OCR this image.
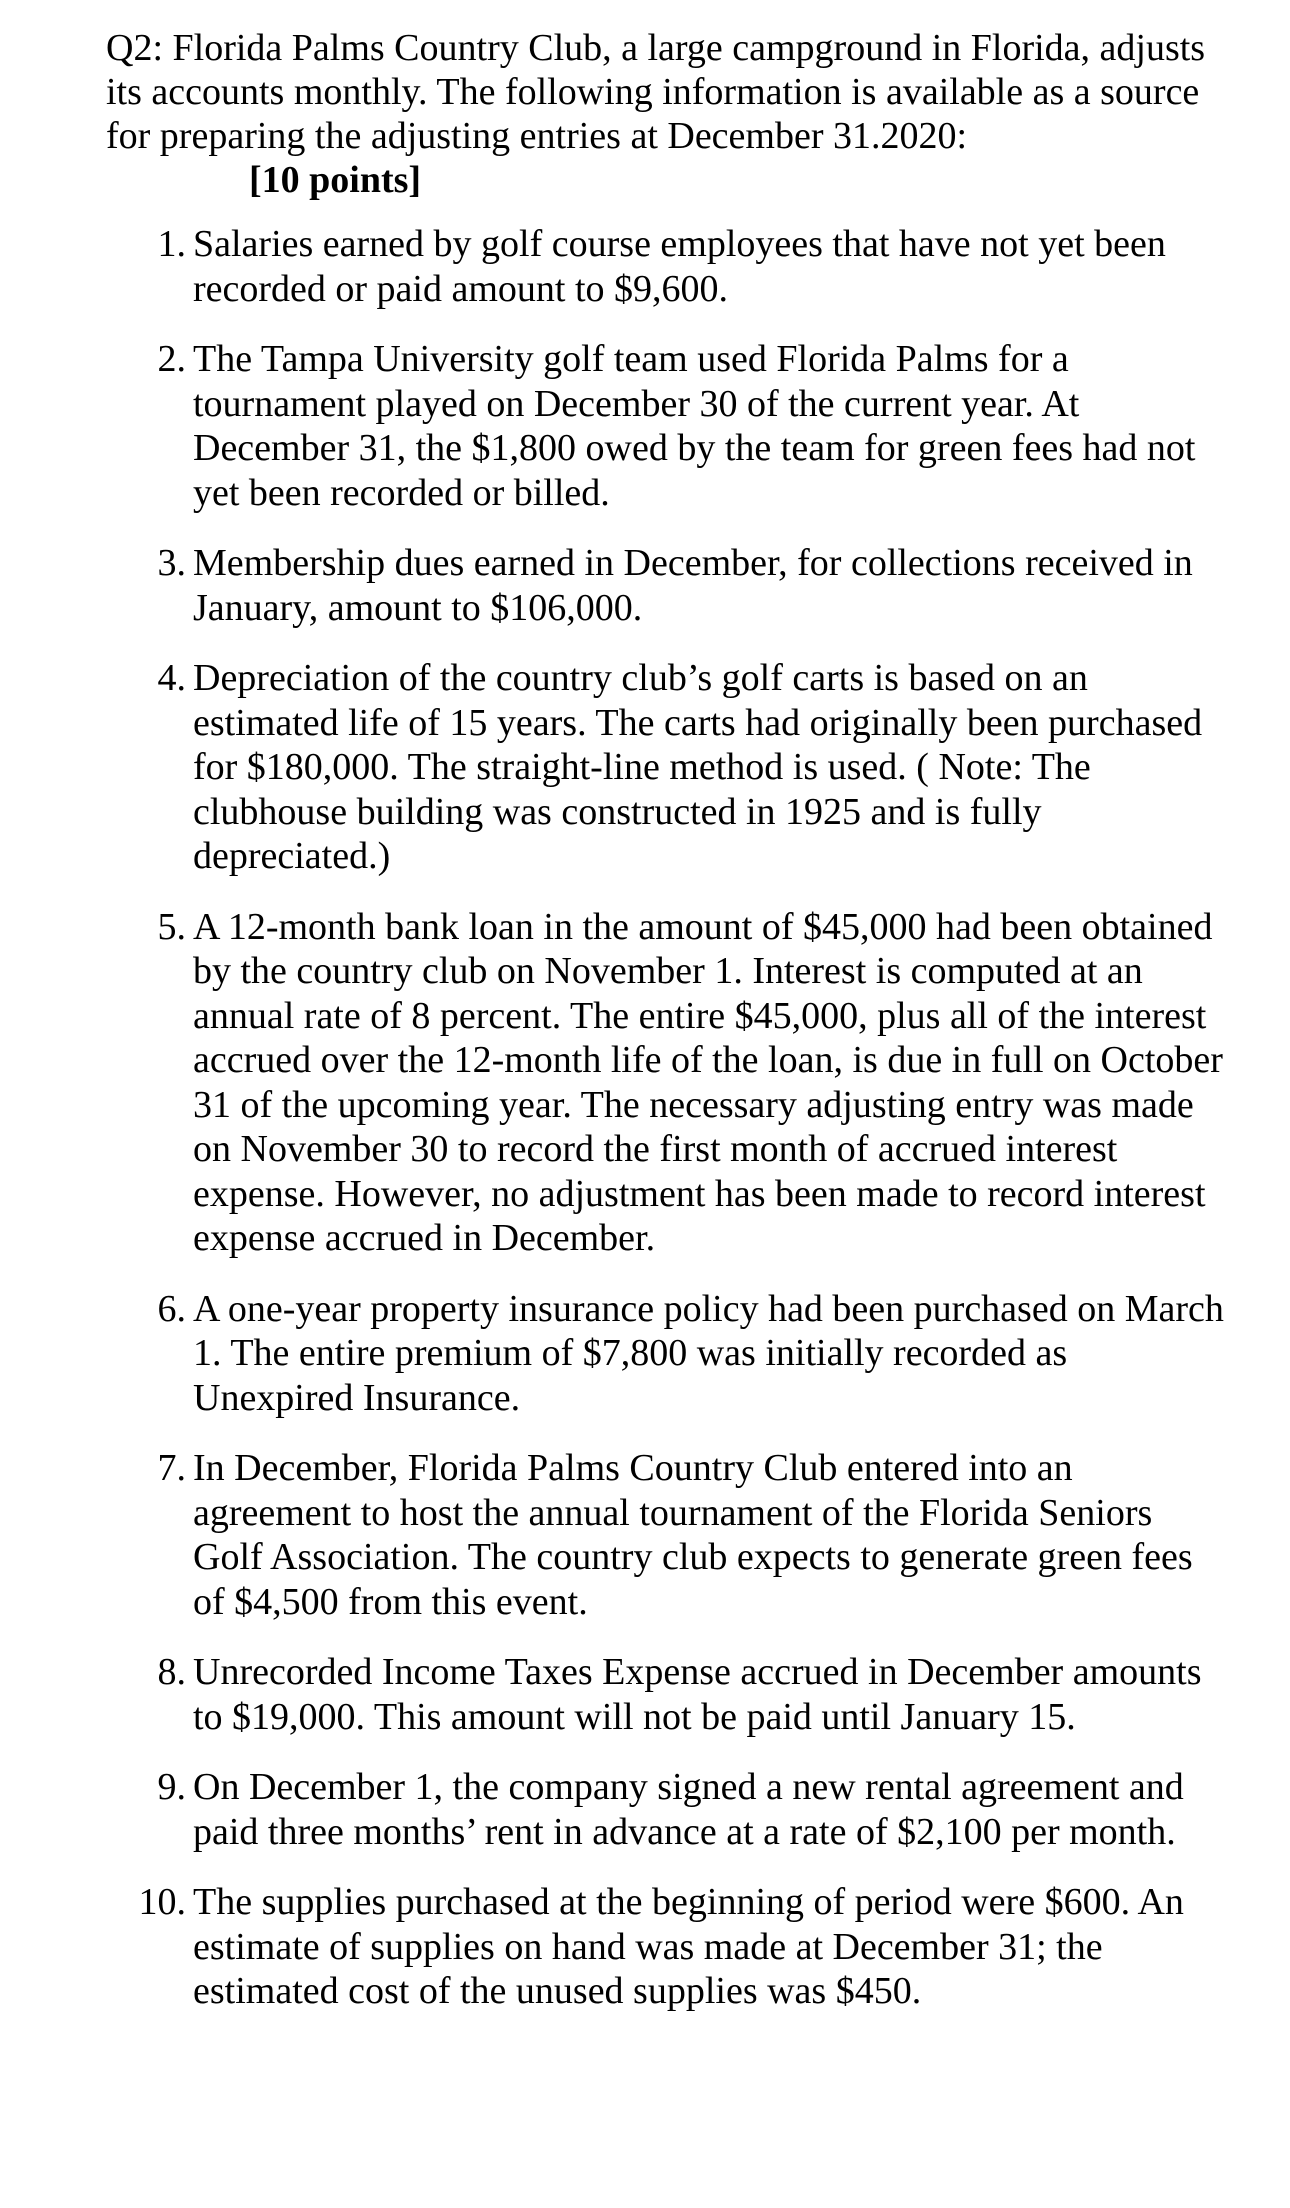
Q2: Florida Palms Country Club, a large campground in Florida, adjusts its accounts monthly. The following information is available as a source for preparing the adjusting entries at December 31.2020:

[10 points]

1. Salaries earned by golf course employees that have not yet been recorded or paid amount to $9,600.
2. The Tampa University golf team used Florida Palms for a tournament played on December 30 of the current year. At December 31, the $1,800 owed by the team for green fees had not yet been recorded or billed.
3. Membership dues earned in December, for collections received in January, amount to $106,000.
4. Depreciation of the country club’s golf carts is based on an estimated life of 15 years. The carts had originally been purchased for $180,000. The straight-line method is used. ( Note: The clubhouse building was constructed in 1925 and is fully depreciated.)
5. A 12-month bank loan in the amount of $45,000 had been obtained by the country club on November 1. Interest is computed at an annual rate of 8 percent. The entire $45,000, plus all of the interest accrued over the 12-month life of the loan, is due in full on October 31 of the upcoming year. The necessary adjusting entry was made on November 30 to record the first month of accrued interest expense. However, no adjustment has been made to record interest expense accrued in December.
6. A one-year property insurance policy had been purchased on March 1. The entire premium of $7,800 was initially recorded as Unexpired Insurance.
7. In December, Florida Palms Country Club entered into an agreement to host the annual tournament of the Florida Seniors Golf Association. The country club expects to generate green fees of $4,500 from this event.
8. Unrecorded Income Taxes Expense accrued in December amounts to $19,000. This amount will not be paid until January 15.
9. On December 1, the company signed a new rental agreement and paid three months’ rent in advance at a rate of $2,100 per month.
10. The supplies purchased at the beginning of period were $600. An estimate of supplies on hand was made at December 31; the estimated cost of the unused supplies was $450.
